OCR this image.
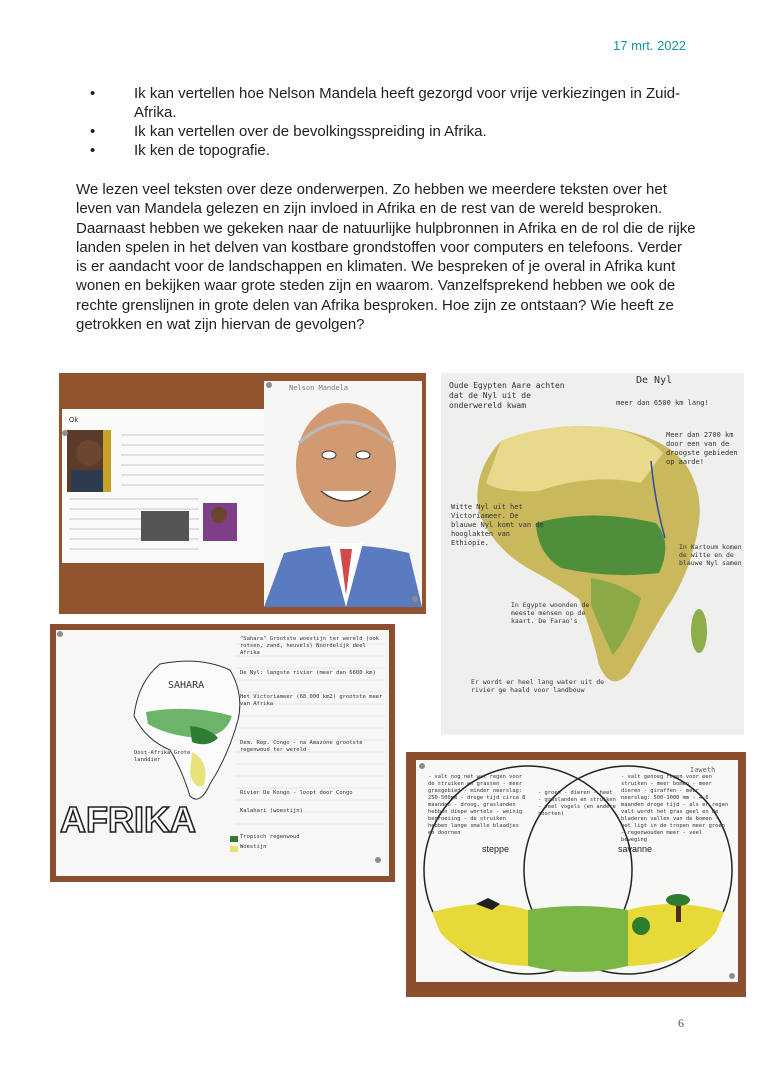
17 mrt. 2022
•	Ik kan vertellen hoe Nelson Mandela heeft gezorgd voor vrije verkiezingen in Zuid-Afrika.
•	Ik kan vertellen over de bevolkingsspreiding in Afrika.
•	Ik ken de topografie.

We lezen veel teksten over deze onderwerpen. Zo hebben we meerdere teksten over het leven van Mandela gelezen en zijn invloed in Afrika en de rest van de wereld besproken. Daarnaast hebben we gekeken naar de natuurlijke hulpbronnen in Afrika en de rol die de rijke landen spelen in het delven van kostbare grondstoffen voor computers en telefoons. Verder is er aandacht voor de landschappen en klimaten. We bespreken of je overal in Afrika kunt wonen en bekijken waar grote steden zijn en waarom. Vanzelfsprekend hebben we ook de rechte grenslijnen in grote delen van Afrika besproken. Hoe zijn ze ontstaan? Wie heeft ze getrokken en wat zijn hiervan de gevolgen?

Ok
Nelson Mandela	Oude Egypten Aare achten dat de Nyl uit de onderwereld kwam
De Nyl
meer dan 6500 km lang!
Meer dan 2700 km door een van de droogste gebieden op aarde!
Witte Nyl uit het Victoriameer. De blauwe Nyl komt van de hooglakten van Ethiopie.
In Egypte woonden de meeste mensen op de kaart. De Farao's
In Kartoum komen de witte en de blauwe Nyl samen
Er wordt er heel lang water uit de rivier ge haald voor landbouw
SAHARA
AFRIKA
"Sahara" Grootste woestijn ter wereld (ook rotsen, zand, heuvels) Noordelijk deel Afrika
De Nyl: langste rivier (meer dan 6600 km)
Het Victoriameer (68.000 km2) grootste meer van Afrika
Dem. Rep. Congo - na Amazone grootste regenwoud ter wereld
Rivier De Kongo - loopt door Congo
Kalahari (woestijn)
Oost-Afrika Grote landdier
Tropisch regenwoud
Woestijn
Iaweth
steppe	savanne
- valt nog net wat regen voor de struiken en grassen - meer grasgebied - minder neerslag: 250-500mm - droge tijd circa 8 maanden - droog, graslanden hebben diepe wortels - weinig begroeiing - de struiken hebben lange smalle blaadjes en doornen
- groen - dieren - heet - graslanden en struiken - veel vogels (en andere soorten)
- valt genoeg regen voor een struiken - meer bomen - meer dieren - giraffen - meer neerslag: 500-1000 mm - 4-6 maanden droge tijd - als er regen valt wordt het gras geel en de bladeren vallen van de bomen - het ligt in de tropen meer groen - regenwouden meer - veel beweging
6
